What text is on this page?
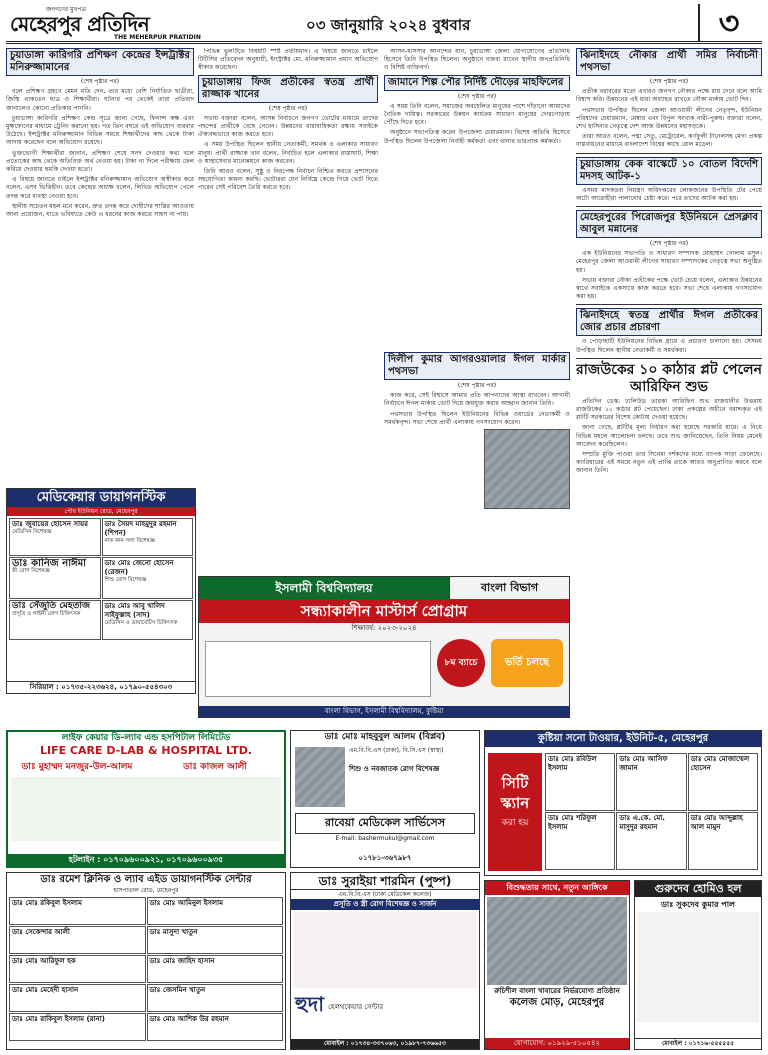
জনগণের মুখপত্র
মেহেরপুর প্রতিদিন
THE MEHERPUR PRATIDIN
০৩ জানুয়ারি ২০২৪ বুধবার	৩
চুয়াডাঙ্গা কারিগরি প্রশিক্ষণ কেন্দ্রের ইন্সট্রাক্টর মনিরুজ্জামানের
(শেষ পৃষ্ঠার পর)

বলে প্রশিক্ষণ গ্রহণে মেমন মতি দেন, তার মধ্যে বেশি নির্যাতিত ছাত্রীরা, জিম্মি থাকতেন ছাত্র ও শিক্ষার্থীরা। ঘটনার পর থেকেই তারা প্রতিবাদ জানালেও কোনো প্রতিকার পাননি।

চুয়াডাঙ্গা কারিগরি প্রশিক্ষণ কেন্দ্র সূত্রে জানা গেছে, ফিনান্স কক্ষ এবং মুক্ষফোনের মাধ্যমে ট্রেনিং করানো হয়। গত তিন বছরে এই অভিযোগ বারবার উঠেছে। ইন্সট্রাক্টর মনিরুজ্জামান বিভিন্ন সময়ে শিক্ষার্থীদের কাছ থেকে টাকা আদায় করেছেন বলে অভিযোগ রয়েছে।

ভুক্তভোগী শিক্ষার্থীরা জানান, প্রশিক্ষণ শেষে সনদ দেওয়ার কথা বলে প্রত্যেকের কাছ থেকে অতিরিক্ত অর্থ নেওয়া হয়। টাকা না দিলে পরীক্ষায় ফেল করিয়ে দেওয়ার হুমকি দেওয়া হতো।

এ বিষয়ে জানতে চাইলে ইন্সট্রাক্টর মনিরুজ্জামান অভিযোগ অস্বীকার করে বলেন, এসব ভিত্তিহীন। তবে কেন্দ্রের অধ্যক্ষ বলেন, লিখিত অভিযোগ পেলে তদন্ত করে ব্যবস্থা নেওয়া হবে।

স্থানীয় সচেতন মহল মনে করেন, দ্রুত তদন্ত করে দোষীদের শাস্তির আওতায় আনা প্রয়োজন, যাতে ভবিষ্যতে কেউ এ ধরনের কাজ করতে সাহস না পায়।

পিভিন্ন ভুলটিতে বিষয়টি স্পষ্ট প্রতীয়মান। এ বিষয়ে জানতে চাইলে টিটিসির প্রতিবেদন অনুযায়ী, ইনস্ট্রাক্টর মো. মনিরুজ্জামান প্রমাণ অভিযোগ স্বীকার করেছেন।

চুয়াডাঙ্গায় ফিজ প্রতীকের স্বতন্ত্র প্রার্থী রাজ্জাক খানের
(শেষ পৃষ্ঠার পর)

সভায় বক্তারা বলেন, আসন্ন নির্বাচনে জনগণ ভোটের মাধ্যমে তাদের পছন্দের প্রার্থীকে বেছে নেবেন। উন্নয়নের ধারাবাহিকতা রক্ষায় সবাইকে ঐক্যবদ্ধভাবে কাজ করতে হবে।

এ সময় উপস্থিত ছিলেন স্থানীয় নেতাকর্মী, সমর্থক ও এলাকার সাধারণ মানুষ। প্রার্থী রাজ্জাক খান বলেন, নির্বাচিত হলে এলাকার রাস্তাঘাট, শিক্ষা ও স্বাস্থ্যসেবার মানোন্নয়নে কাজ করবেন।

তিনি আরও বলেন, সুষ্ঠু ও নিরপেক্ষ নির্বাচন নিশ্চিত করতে প্রশাসনের সহযোগিতা কামনা করছি। ভোটাররা যেন নির্বিঘ্নে কেন্দ্রে গিয়ে ভোট দিতে পারেন সেই পরিবেশ তৈরি করতে হবে।

আসন-মাসসার আনন্দের যান, চুয়াডাঙ্গা জেলা যোগাযোগের প্রতিনিধি হিসেবে তিনি উপস্থিত ছিলেন। অনুষ্ঠানে বক্তব্য রাখেন স্থানীয় জনপ্রতিনিধি ও বিশিষ্ট ব্যক্তিবর্গ।

জামানে শিল্প পৌর নির্দিষ্ট দৌড়ের মাহফিলের
(শেষ পৃষ্ঠার পর)

এ সময় তিনি বলেন, সমাজের অবহেলিত মানুষের পাশে দাঁড়ানো আমাদের নৈতিক দায়িত্ব। সরকারের উন্নয়ন কার্যক্রম সাধারণ মানুষের দোরগোড়ায় পৌঁছে দিতে হবে।

অনুষ্ঠানে সভাপতিত্ব করেন উপজেলা চেয়ারম্যান। বিশেষ অতিথি হিসেবে উপস্থিত ছিলেন উপজেলা নির্বাহী কর্মকর্তা এবং থানার ভারপ্রাপ্ত কর্মকর্তা।

দিলীপ কুমার আগরওয়ালার ঈগল মার্কার পথসভা
(শেষ পৃষ্ঠার পর)

কাজ করে, সেই বিশ্বাসে আমার প্রতি আপনাদের আস্থা রাখবেন। আগামী নির্বাচনে ঈগল মার্কায় ভোট দিয়ে জয়যুক্ত করার আহ্বান জানান তিনি।

পথসভায় উপস্থিত ছিলেন ইউনিয়নের বিভিন্ন ওয়ার্ডের নেতাকর্মী ও সমর্থকবৃন্দ। সভা শেষে প্রার্থী এলাকায় গণসংযোগ করেন।

ঝিনাইদহে নৌকার প্রার্থী সমির নির্বাচনী পথসভা
(শেষ পৃষ্ঠার পর)

প্রতীক বরাবরের মতো এবারও জনগণ নৌকার পক্ষে রায় দেবে বলে আমি বিশ্বাস করি। উন্নয়নের এই ধারা অব্যাহত রাখতে নৌকা মার্কায় ভোট দিন।

পথসভায় উপস্থিত ছিলেন জেলা আওয়ামী লীগের নেতৃবৃন্দ, ইউনিয়ন পরিষদের চেয়ারম্যান, মেম্বার এবং বিপুল সংখ্যক নারী-পুরুষ। বক্তারা বলেন, শেখ হাসিনার নেতৃত্বে দেশ আজ উন্নয়নের মহাসড়কে।

তারা আরও বলেন, পদ্মা সেতু, মেট্রোরেল, কর্ণফুলী টানেলসহ মেগা প্রকল্প বাস্তবায়নের মাধ্যমে বাংলাদেশ বিশ্বের কাছে রোল মডেল।

চুয়াডাঙ্গায় কেক বাস্কেটে ১০ বোতল বিদেশি মদসহ আটক-১

এসময় মাদকদ্রব্য নিয়ন্ত্রণ অধিদপ্তরের লোকজনের উপস্থিতি টের পেয়ে অটো আরোহীরা পালানোর চেষ্টা করে। পরে তাদের আটক করা হয়।

মেহেরপুরের পিরোজপুর ইউনিয়নে প্রেসক্লাব আবুল মন্নানের
(শেষ পৃষ্ঠার পর)

এক ইউনিয়নের সভাপতি ও সাধারণ সম্পাদক মোহাম্মদ গোলাম রসুল। মেহেরপুর জেলা আওয়ামী লীগের সাধারণ সম্পাদকের নেতৃত্বে সভা অনুষ্ঠিত হয়।

সভায় বক্তারা নৌকা প্রতীকের পক্ষে ভোট চেয়ে বলেন, এলাকার উন্নয়নের স্বার্থে সবাইকে একসাথে কাজ করতে হবে। সভা শেষে এলাকায় গণসংযোগ করা হয়।

ঝিনাইদহে স্বতন্ত্র প্রার্থীর ঈগল প্রতীকের জোর প্রচার প্রচারণা

ও পোড়াহাটি ইউনিয়নের বিভিন্ন গ্রামে এ প্রচারণা চালানো হয়। সেসময় উপস্থিত ছিলেন স্থানীয় নেতাকর্মী ও সমর্থকরা।

রাজউকের ১০ কাঠার প্লট পেলেন আরিফিন শুভ

প্রতিদিন ডেস্ক: ঢালিউড তারকা আরিফিন শুভ রাজধানীর উত্তরায় রাজউকের ১০ কাঠার প্লট পেয়েছেন। ঢাকা প্রকল্পের অধীনে বরাদ্দকৃত এই প্লটটি সরকারের বিশেষ কোটায় দেওয়া হয়েছে।

জানা গেছে, প্লটটির মূল্য নির্ধারণ করা হয়েছে সরকারি হারে। এ নিয়ে বিভিন্ন মহলে আলোচনা চলছে। তবে শুভ জানিয়েছেন, তিনি নিয়ম মেনেই আবেদন করেছিলেন।

সম্প্রতি মুক্তি পাওয়া তার সিনেমা দর্শকদের মধ্যে ব্যাপক সাড়া ফেলেছে। ক্যারিয়ারের এই সময়ে নতুন এই প্রাপ্তি তাকে আরও অনুপ্রাণিত করবে বলে জানান তিনি।

মেডিকেয়ার ডায়াগনস্টিক
পৌর ইউনিয়ন রোড, মেহেরপুর
ডাঃ জুবায়ের হোসেন সায়র
মেডিসিন বিশেষজ্ঞ
ডাঃ সৈয়দ মাহমুদুর রহমান (শিপন)
নাক কান গলা বিশেষজ্ঞ
ডাঃ কানিজ নাঈমা
স্ত্রী রোগ বিশেষজ্ঞ
ডাঃ মোঃ জেনো হোসেন (রেজন)
শিশু রোগ বিশেষজ্ঞ
ডাঃ সেঁজুতি মেহতাজ
প্রসূতি ও গাইনী রোগ চিকিৎসক
ডাঃ মোঃ আবু খালিদ সাইফুল্লাহ (সাদ)
মেডিসিন ও ডায়াবেটিস চিকিৎসক
সিরিয়াল : ০১৭৩৫-২২৩৬২৪, ০১৭৯০-৫৫৪৩০৩
ইসলামী বিশ্ববিদ্যালয়	বাংলা বিভাগ
সন্ধ্যাকালীন মাস্টার্স প্রোগ্রাম
শিক্ষাবর্ষ: ২০২৩-২০২৪
৮ম ব্যাচে	ভর্তি চলছে
বাংলা বিভাগ, ইসলামী বিশ্ববিদ্যালয়, কুষ্টিয়া
লাইফ কেয়ার ডি-ল্যাব এন্ড হসপিটাল লিমিটেড
LIFE CARE D-LAB & HOSPITAL LTD.
ডাঃ মুহাম্মদ মনজুর-উল-আলম	ডাঃ কাজল আলী
হটলাইন : ০১৭০৯৬০০৯২১, ০১৭০৯৬০০৯৩৫
ডাঃ মোঃ মাহবুবুল আলম (বিপ্লব)
এম.বি.বি.এস (ঢাকা), বি.সি.এস (স্বাস্থ্য)
শিশু ও নবজাতক রোগ বিশেষজ্ঞ
রাবেয়া মেডিকেল সার্ভিসেস
E-mail: bashermukul@gmail.com
০১৭৮১-৩৬৭৯৮৭
কুষ্টিয়া সনো টাওয়ার, ইউনিট-৫, মেহেরপুর
সিটি স্ক্যান
করা হয়
ডাঃ মোঃ রবিউল ইসলাম
ডাঃ মোঃ আসিফ জামান
ডাঃ মোঃ মোজাম্মেল হোসেন
ডাঃ মোঃ শরিফুল ইসলাম
ডাঃ এ.কে. মো. মাসুদুর রহমান
ডাঃ মোঃ আব্দুল্লাহ আল মামুন
ডাঃ রমেশ ক্লিনিক ও ল্যাব এইড ডায়াগনস্টিক সেন্টার
হাসপাতাল রোড, মেহেরপুর
ডাঃ মোঃ রকিবুল ইসলাম	ডাঃ মোঃ আমিনুল ইসলাম
ডাঃ সেকেন্দার আলী	ডাঃ মাসুদা খাতুন
ডাঃ মোঃ আরিফুল হক	ডাঃ মোঃ জাহিদ হাসান
ডাঃ মোঃ মেহেদী হাসান	ডাঃ জেসমিন খাতুন
ডাঃ মোঃ রাকিবুল ইসলাম (রানা)	ডাঃ মোঃ আশিক উর রহমান
ডাঃ সুরাইয়া শারমিন (পুষ্প)
এম.বি.বি.এস (ঢাকা মেডিকেল কলেজ)
প্রসূতি ও স্ত্রী রোগ বিশেষজ্ঞ ও সার্জন
হুদা হেলথকেয়ার সেন্টার
মোবাইল : ০১৭৩৪-৩৩৭০৬৩, ০১৯৮৭-৭৩৬৬৫৩
বিশুদ্ধতায় সাথে, নতুন আঙ্গিকে
রুচিশীল বাংলা খাবারের নির্ভরযোগ্য প্রতিষ্ঠান
কলেজ মোড়, মেহেরপুর
যোগাযোগ: ০১৯২৯-৫১০৫৪২
গুরুদেব হোমিও হল
ডাঃ সুকদেব কুমার পাল
মোবাইল : ০১৭১৬-৫৫৫৫৫৫
